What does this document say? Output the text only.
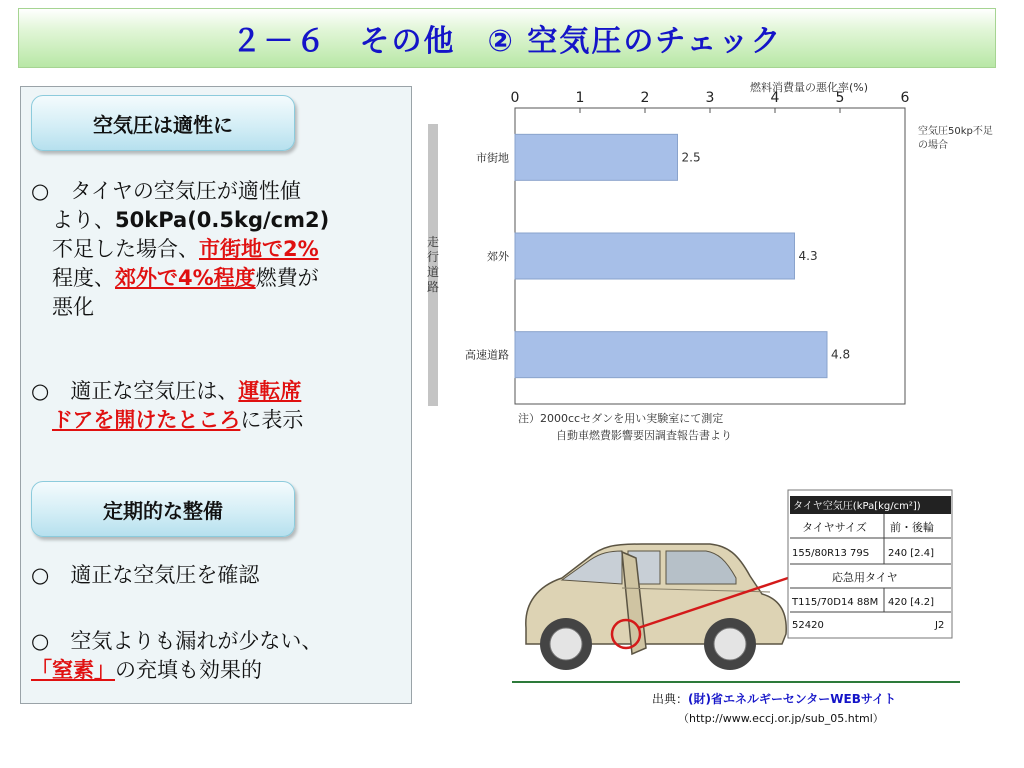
２－６　その他　② 空気圧のチェック
空気圧は適性に
○　タイヤの空気圧が適性値
より、50kPa(0.5kg/cm2)
不足した場合、市街地で2%
程度、郊外で4%程度燃費が
悪化
○　適正な空気圧は、運転席
ドアを開けたところに表示
定期的な整備
○　適正な空気圧を確認
○　空気よりも漏れが少ない、
「窒素」の充填も効果的
燃料消費量の悪化率(%)
走
行
道
路
0	1	2	3	4	5	6
市街地	2.5
郊外	4.3
高速道路	4.8
空気圧50kp不足
の場合
注）2000ccセダンを用い実験室にて測定
自動車燃費影響要因調査報告書より
タイヤ空気圧(kPa[kg/cm²])
タイヤサイズ 前・後輪
155/80R13 79S 240 [2.4]
応急用タイヤ
T115/70D14 88M 420 [4.2]
52420	J2
出典：(財)省エネルギーセンターWEBサイト
（http://www.eccj.or.jp/sub_05.html）
